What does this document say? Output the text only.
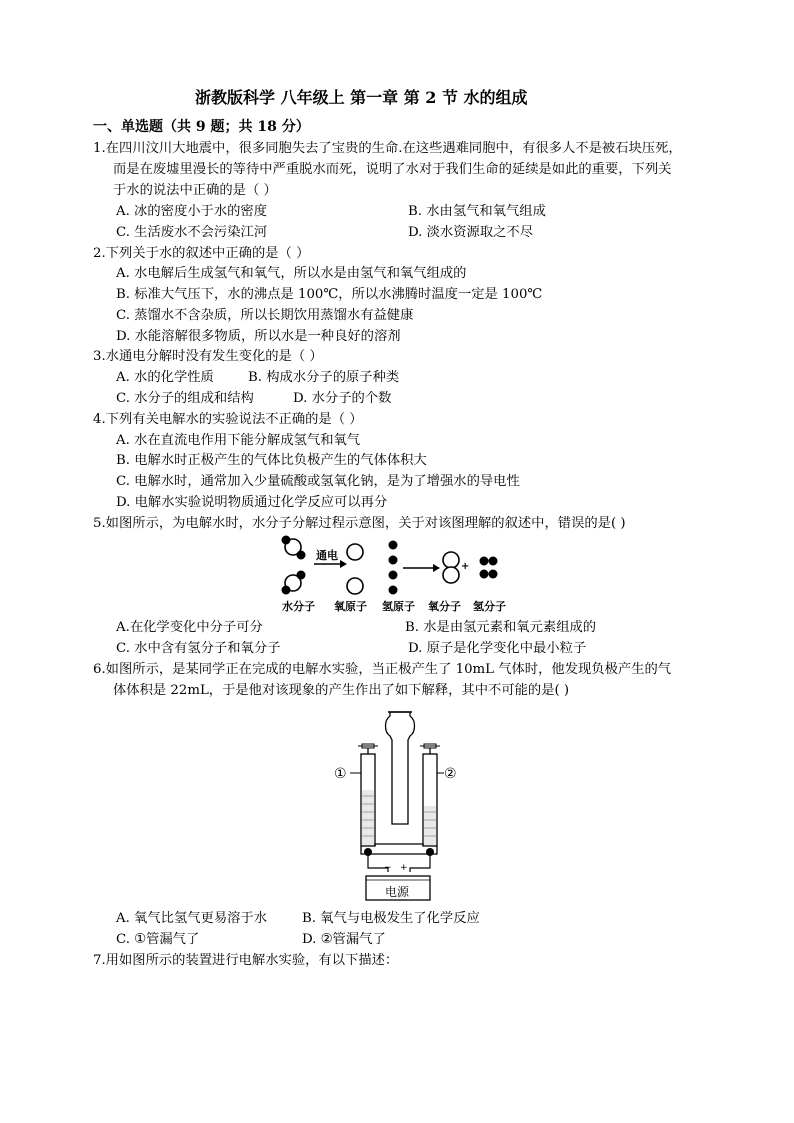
浙教版科学 八年级上 第一章 第 2 节 水的组成
一、单选题（共 9 题；共 18 分）
1.在四川汶川大地震中，很多同胞失去了宝贵的生命.在这些遇难同胞中，有很多人不是被石块压死，
而是在废墟里漫长的等待中严重脱水而死，说明了水对于我们生命的延续是如此的重要，下列关
于水的说法中正确的是（ ）
A. 冰的密度小于水的密度	B. 水由氢气和氧气组成
C. 生活废水不会污染江河	D. 淡水资源取之不尽
2.下列关于水的叙述中正确的是（ ）
A. 水电解后生成氢气和氧气，所以水是由氢气和氧气组成的
B. 标准大气压下，水的沸点是 100℃，所以水沸腾时温度一定是 100℃
C. 蒸馏水不含杂质，所以长期饮用蒸馏水有益健康
D. 水能溶解很多物质，所以水是一种良好的溶剂
3.水通电分解时没有发生变化的是（ ）
A. 水的化学性质	B. 构成水分子的原子种类
C. 水分子的组成和结构	D. 水分子的个数
4.下列有关电解水的实验说法不正确的是（ ）
A. 水在直流电作用下能分解成氢气和氧气
B. 电解水时正极产生的气体比负极产生的气体体积大
C. 电解水时，通常加入少量硫酸或氢氧化钠，是为了增强水的导电性
D. 电解水实验说明物质通过化学反应可以再分
5.如图所示，为电解水时，水分子分解过程示意图，关于对该图理解的叙述中，错误的是( )
通电
+
水分子 氧原子 氢原子 氧分子 氢分子
A.在化学变化中分子可分	B. 水是由氢元素和氧元素组成的
C. 水中含有氢分子和氧分子	D. 原子是化学变化中最小粒子
6.如图所示，是某同学正在完成的电解水实验，当正极产生了 10mL 气体时，他发现负极产生的气
体体积是 22mL，于是他对该现象的产生作出了如下解释，其中不可能的是( )
− +
电源
①	②
A. 氧气比氢气更易溶于水	B. 氧气与电极发生了化学反应
C. ①管漏气了	D. ②管漏气了
7.用如图所示的装置进行电解水实验，有以下描述：
